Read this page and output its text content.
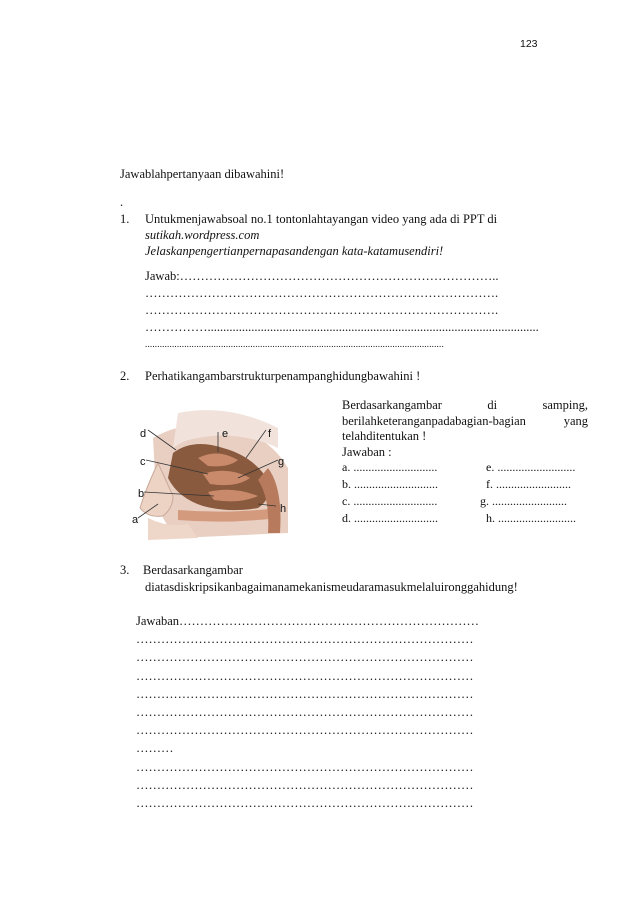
123
Jawablahpertanyaan dibawahini!
.
1. Untukmenjawabsoal no.1 tontonlahtayangan video yang ada di PPT di
sutikah.wordpress.com
Jelaskanpengertianpernapasandengan kata-katamusendiri!
Jawab:…………………………………………………………………..
………………………………………………………………………….
………………………………………………………………………….
……………..........................................................................................................
..........................................................................................................................
2. Perhatikangambarstrukturpenampanghidungbawahini !
d	e	f
c	g
b
h
a
Berdasarkangambar di samping, berilahketeranganpadabagian-bagian yang telahditentukan !
Jawaban :
a. ............................
b. ............................
c. ............................
d. ............................
e. ..........................
f. .........................
g. .........................
h. ..........................
3. Berdasarkangambar
diatasdiskripsikanbagaimanamekanismeudaramasukmelaluironggahidung!
Jawaban………………………………………………………………
………………………………………………………………………
………………………………………………………………………
………………………………………………………………………
………………………………………………………………………
………………………………………………………………………
………………………………………………………………………
………
………………………………………………………………………
………………………………………………………………………
………………………………………………………………………
